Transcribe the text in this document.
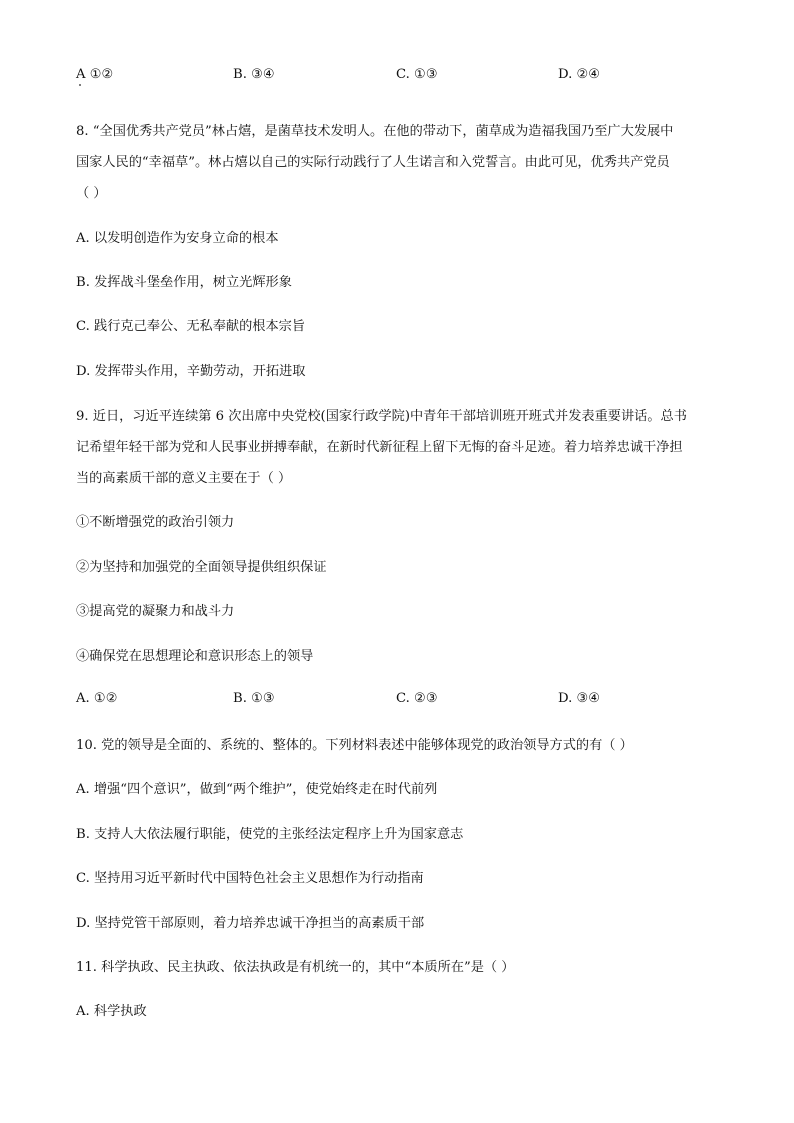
A ①②	B. ③④	C. ①③	D. ②④
8. “全国优秀共产党员”林占熺，是菌草技术发明人。在他的带动下，菌草成为造福我国乃至广大发展中
国家人民的“幸福草”。林占熺以自己的实际行动践行了人生诺言和入党誓言。由此可见，优秀共产党员
（ ）
A. 以发明创造作为安身立命的根本
B. 发挥战斗堡垒作用，树立光辉形象
C. 践行克己奉公、无私奉献的根本宗旨
D. 发挥带头作用，辛勤劳动，开拓进取
9. 近日，习近平连续第 6 次出席中央党校(国家行政学院)中青年干部培训班开班式并发表重要讲话。总书
记希望年轻干部为党和人民事业拼搏奉献，在新时代新征程上留下无悔的奋斗足迹。着力培养忠诚干净担
当的高素质干部的意义主要在于（ ）
①不断增强党的政治引领力
②为坚持和加强党的全面领导提供组织保证
③提高党的凝聚力和战斗力
④确保党在思想理论和意识形态上的领导
A. ①②	B. ①③	C. ②③	D. ③④
10. 党的领导是全面的、系统的、整体的。下列材料表述中能够体现党的政治领导方式的有（ ）
A. 增强“四个意识”，做到“两个维护”，使党始终走在时代前列
B. 支持人大依法履行职能，使党的主张经法定程序上升为国家意志
C. 坚持用习近平新时代中国特色社会主义思想作为行动指南
D. 坚持党管干部原则，着力培养忠诚干净担当的高素质干部
11. 科学执政、民主执政、依法执政是有机统一的，其中“本质所在”是（ ）
A. 科学执政
